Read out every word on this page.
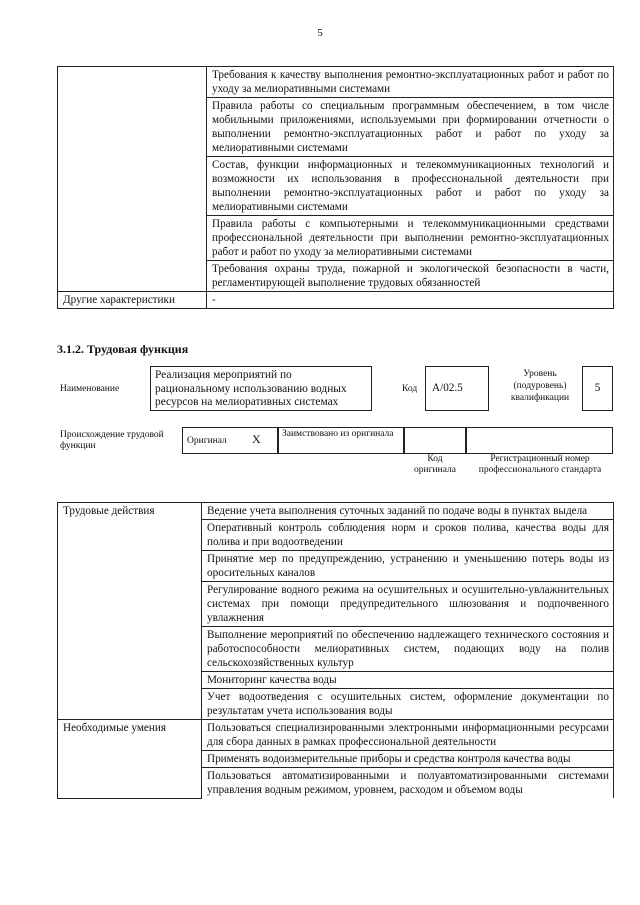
5
	Требования к качеству выполнения ремонтно-эксплуатационных работ и работ по уходу за мелиоративными системами
	Правила работы со специальным программным обеспечением, в том числе мобильными приложениями, используемыми при формировании отчетности о выполнении ремонтно-эксплуатационных работ и работ по уходу за мелиоративными системами
	Состав, функции информационных и телекоммуникационных технологий и возможности их использования в профессиональной деятельности при выполнении ремонтно-эксплуатационных работ и работ по уходу за мелиоративными системами
	Правила работы с компьютерными и телекоммуникационными средствами профессиональной деятельности при выполнении ремонтно-эксплуатационных работ и работ по уходу за мелиоративными системами
	Требования охраны труда, пожарной и экологической безопасности в части, регламентирующей выполнение трудовых обязанностей
Другие характеристики	-
3.1.2. Трудовая функция
Наименование
Реализация мероприятий по рациональному использованию водных ресурсов на мелиоративных системах
Код	A/02.5
Уровень (подуровень) квалификации
5
Происхождение трудовой функции	Оригинал	X	Заимствовано из оригинала
Код оригинала
Регистрационный номер профессионального стандарта
Трудовые действия	Ведение учета выполнения суточных заданий по подаче воды в пунктах выдела
	Оперативный контроль соблюдения норм и сроков полива, качества воды для полива и при водоотведении
	Принятие мер по предупреждению, устранению и уменьшению потерь воды из оросительных каналов
	Регулирование водного режима на осушительных и осушительно-увлажнительных системах при помощи предупредительного шлюзования и подпочвенного увлажнения
	Выполнение мероприятий по обеспечению надлежащего технического состояния и работоспособности мелиоративных систем, подающих воду на полив сельскохозяйственных культур
	Мониторинг качества воды
	Учет водоотведения с осушительных систем, оформление документации по результатам учета использования воды
Необходимые умения	Пользоваться специализированными электронными информационными ресурсами для сбора данных в рамках профессиональной деятельности
	Применять водоизмерительные приборы и средства контроля качества воды
	Пользоваться автоматизированными и полуавтоматизированными системами управления водным режимом, уровнем, расходом и объемом воды
